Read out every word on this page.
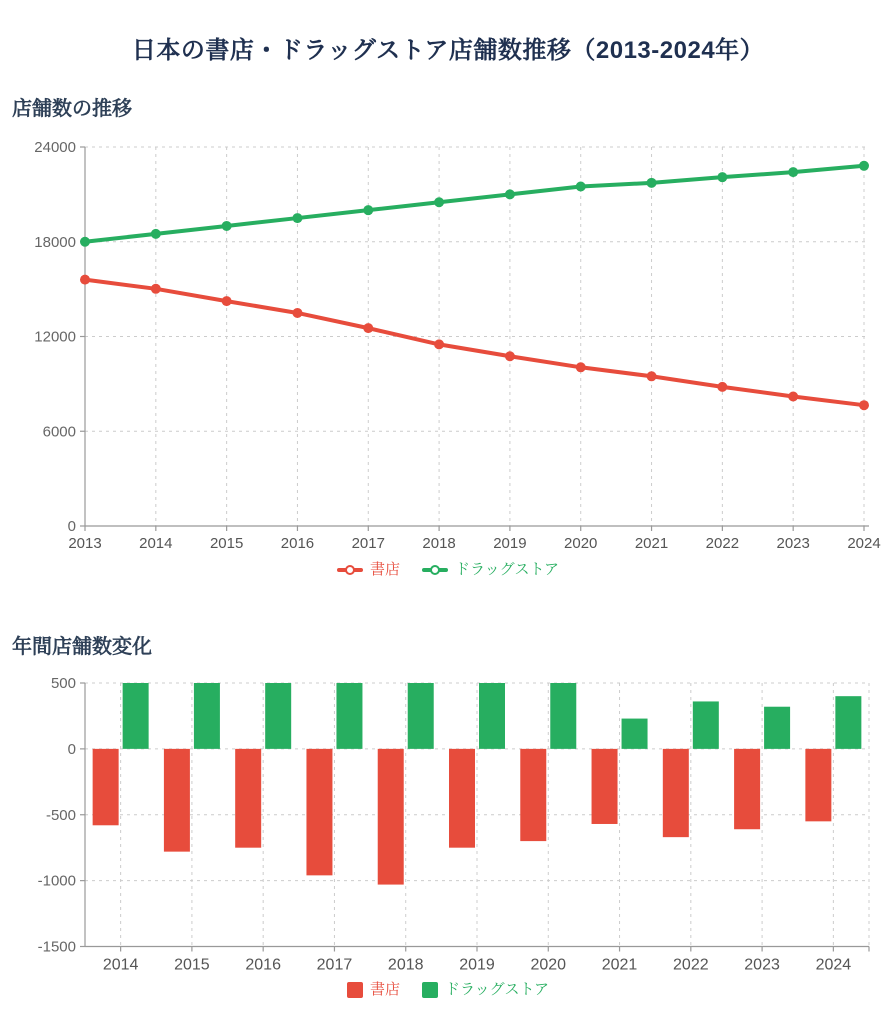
日本の書店・ドラッグストア店舗数推移（2013-2024年）
店舗数の推移
0
6000
12000
18000
24000
2013 2014 2015 2016 2017 2018 2019 2020 2021 2022 2023 2024
書店	ドラッグストア
年間店舗数変化
500
0
-500
-1000
-1500
2014 2015 2016 2017 2018 2019 2020 2021 2022 2023 2024
書店	ドラッグストア
